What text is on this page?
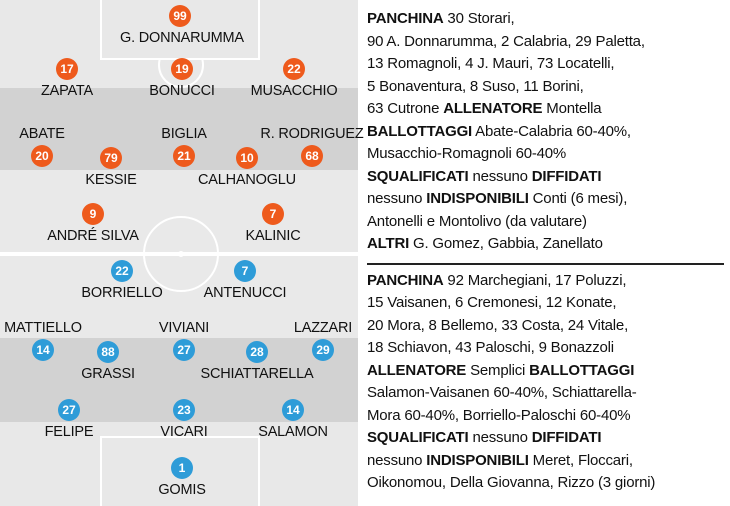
99
G. DONNARUMMA
17
ZAPATA
19
BONUCCI
22
MUSACCHIO
ABATE
20	79
KESSIE
BIGLIA
21	10
CALHANOGLU
R. RODRIGUEZ
68
9
ANDRÉ SILVA
7
KALINIC
22
BORRIELLO
7
ANTENUCCI
MATTIELLO
14	88
GRASSI
VIVIANI
27	28
SCHIATTARELLA
LAZZARI
29
27
FELIPE
23
VICARI
14
SALAMON
1
GOMIS

PANCHINA 30 Storari,

90 A. Donnarumma, 2 Calabria, 29 Paletta,

13 Romagnoli, 4 J. Mauri, 73 Locatelli,

5 Bonaventura, 8 Suso, 11 Borini,

63 Cutrone ALLENATORE Montella

BALLOTTAGGI Abate-Calabria 60-40%,

Musacchio-Romagnoli 60-40%

SQUALIFICATI nessuno DIFFIDATI

nessuno INDISPONIBILI Conti (6 mesi),

Antonelli e Montolivo (da valutare)

ALTRI G. Gomez, Gabbia, Zanellato

PANCHINA 92 Marchegiani, 17 Poluzzi,

15 Vaisanen, 6 Cremonesi, 12 Konate,

20 Mora, 8 Bellemo, 33 Costa, 24 Vitale,

18 Schiavon, 43 Paloschi, 9 Bonazzoli

ALLENATORE Semplici BALLOTTAGGI

Salamon-Vaisanen 60-40%, Schiattarella-

Mora 60-40%, Borriello-Paloschi 60-40%

SQUALIFICATI nessuno DIFFIDATI

nessuno INDISPONIBILI Meret, Floccari,

Oikonomou, Della Giovanna, Rizzo (3 giorni)
